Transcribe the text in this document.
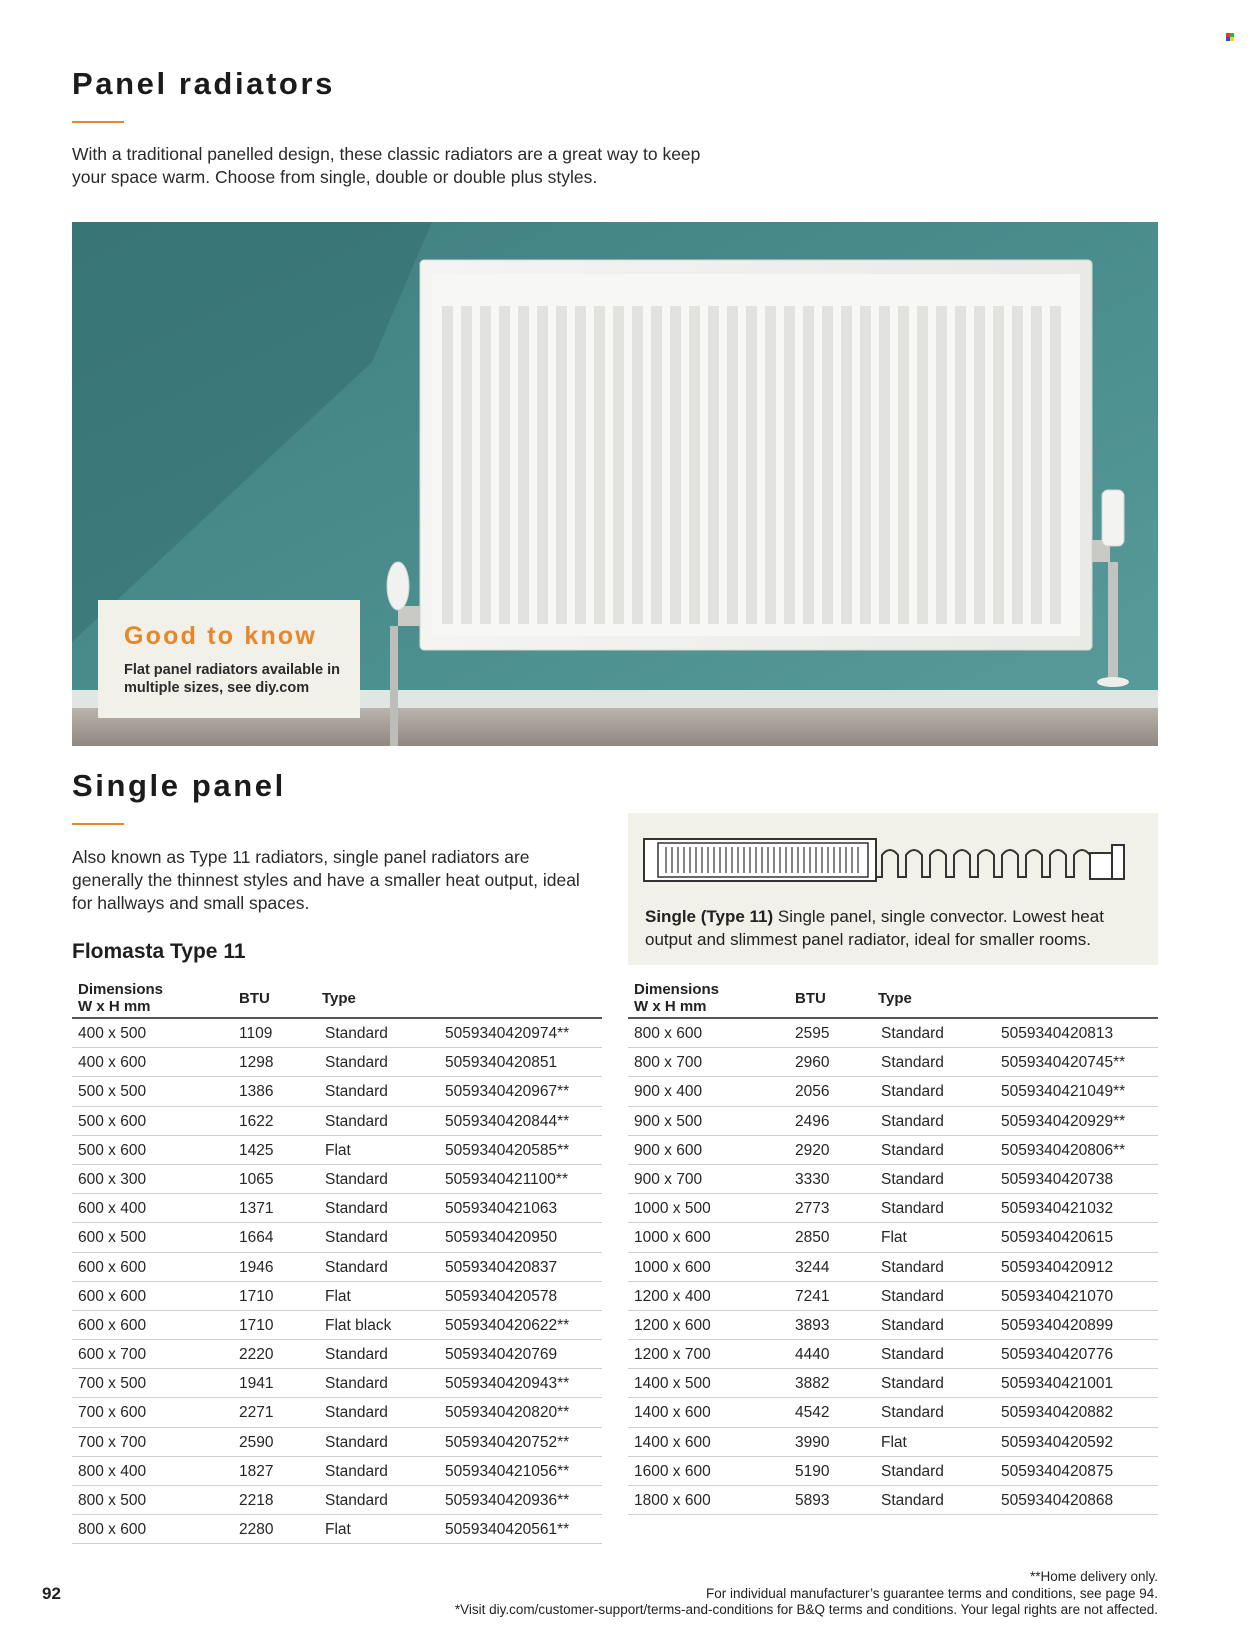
Panel radiators

With a traditional panelled design, these classic radiators are a great way to keep your space warm. Choose from single, double or double plus styles.

Good to know
Flat panel radiators available in multiple sizes, see diy.com
Single panel

Also known as Type 11 radiators, single panel radiators are generally the thinnest styles and have a smaller heat output, ideal for hallways and small spaces.

Flomasta Type 11
Single (Type 11) Single panel, single convector. Lowest heat output and slimmest panel radiator, ideal for smaller rooms.
Dimensions
W x H mm	BTU	Type
400 x 500	1109	Standard	5059340420974**
400 x 600	1298	Standard	5059340420851
500 x 500	1386	Standard	5059340420967**
500 x 600	1622	Standard	5059340420844**
500 x 600	1425	Flat	5059340420585**
600 x 300	1065	Standard	5059340421100**
600 x 400	1371	Standard	5059340421063
600 x 500	1664	Standard	5059340420950
600 x 600	1946	Standard	5059340420837
600 x 600	1710	Flat	5059340420578
600 x 600	1710	Flat black	5059340420622**
600 x 700	2220	Standard	5059340420769
700 x 500	1941	Standard	5059340420943**
700 x 600	2271	Standard	5059340420820**
700 x 700	2590	Standard	5059340420752**
800 x 400	1827	Standard	5059340421056**
800 x 500	2218	Standard	5059340420936**
800 x 600	2280	Flat	5059340420561**
Dimensions
W x H mm	BTU	Type
800 x 600	2595	Standard	5059340420813
800 x 700	2960	Standard	5059340420745**
900 x 400	2056	Standard	5059340421049**
900 x 500	2496	Standard	5059340420929**
900 x 600	2920	Standard	5059340420806**
900 x 700	3330	Standard	5059340420738
1000 x 500	2773	Standard	5059340421032
1000 x 600	2850	Flat	5059340420615
1000 x 600	3244	Standard	5059340420912
1200 x 400	7241	Standard	5059340421070
1200 x 600	3893	Standard	5059340420899
1200 x 700	4440	Standard	5059340420776
1400 x 500	3882	Standard	5059340421001
1400 x 600	4542	Standard	5059340420882
1400 x 600	3990	Flat	5059340420592
1600 x 600	5190	Standard	5059340420875
1800 x 600	5893	Standard	5059340420868
92
**Home delivery only.
For individual manufacturer’s guarantee terms and conditions, see page 94.
*Visit diy.com/customer-support/terms-and-conditions for B&Q terms and conditions. Your legal rights are not affected.
